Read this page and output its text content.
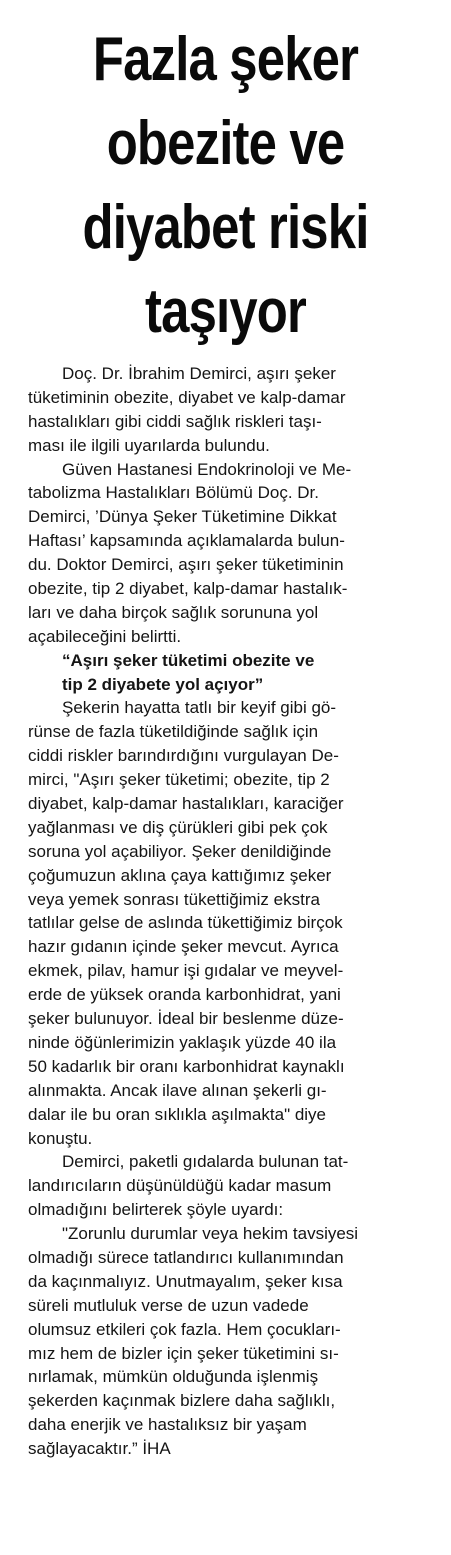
Fazla şeker
obezite ve
diyabet riski
taşıyor
Doç. Dr. İbrahim Demirci, aşırı şeker
tüketiminin obezite, diyabet ve kalp-damar
hastalıkları gibi ciddi sağlık riskleri taşı-
ması ile ilgili uyarılarda bulundu.
Güven Hastanesi Endokrinoloji ve Me-
tabolizma Hastalıkları Bölümü Doç. Dr.
Demirci, ’Dünya Şeker Tüketimine Dikkat
Haftası’ kapsamında açıklamalarda bulun-
du. Doktor Demirci, aşırı şeker tüketiminin
obezite, tip 2 diyabet, kalp-damar hastalık-
ları ve daha birçok sağlık sorununa yol
açabileceğini belirtti.
“Aşırı şeker tüketimi obezite ve
tip 2 diyabete yol açıyor”
Şekerin hayatta tatlı bir keyif gibi gö-
rünse de fazla tüketildiğinde sağlık için
ciddi riskler barındırdığını vurgulayan De-
mirci, "Aşırı şeker tüketimi; obezite, tip 2
diyabet, kalp-damar hastalıkları, karaciğer
yağlanması ve diş çürükleri gibi pek çok
soruna yol açabiliyor. Şeker denildiğinde
çoğumuzun aklına çaya kattığımız şeker
veya yemek sonrası tükettiğimiz ekstra
tatlılar gelse de aslında tükettiğimiz birçok
hazır gıdanın içinde şeker mevcut. Ayrıca
ekmek, pilav, hamur işi gıdalar ve meyvel-
erde de yüksek oranda karbonhidrat, yani
şeker bulunuyor. İdeal bir beslenme düze-
ninde öğünlerimizin yaklaşık yüzde 40 ila
50 kadarlık bir oranı karbonhidrat kaynaklı
alınmakta. Ancak ilave alınan şekerli gı-
dalar ile bu oran sıklıkla aşılmakta" diye
konuştu.
Demirci, paketli gıdalarda bulunan tat-
landırıcıların düşünüldüğü kadar masum
olmadığını belirterek şöyle uyardı:
"Zorunlu durumlar veya hekim tavsiyesi
olmadığı sürece tatlandırıcı kullanımından
da kaçınmalıyız. Unutmayalım, şeker kısa
süreli mutluluk verse de uzun vadede
olumsuz etkileri çok fazla. Hem çocukları-
mız hem de bizler için şeker tüketimini sı-
nırlamak, mümkün olduğunda işlenmiş
şekerden kaçınmak bizlere daha sağlıklı,
daha enerjik ve hastalıksız bir yaşam
sağlayacaktır.” İHA
